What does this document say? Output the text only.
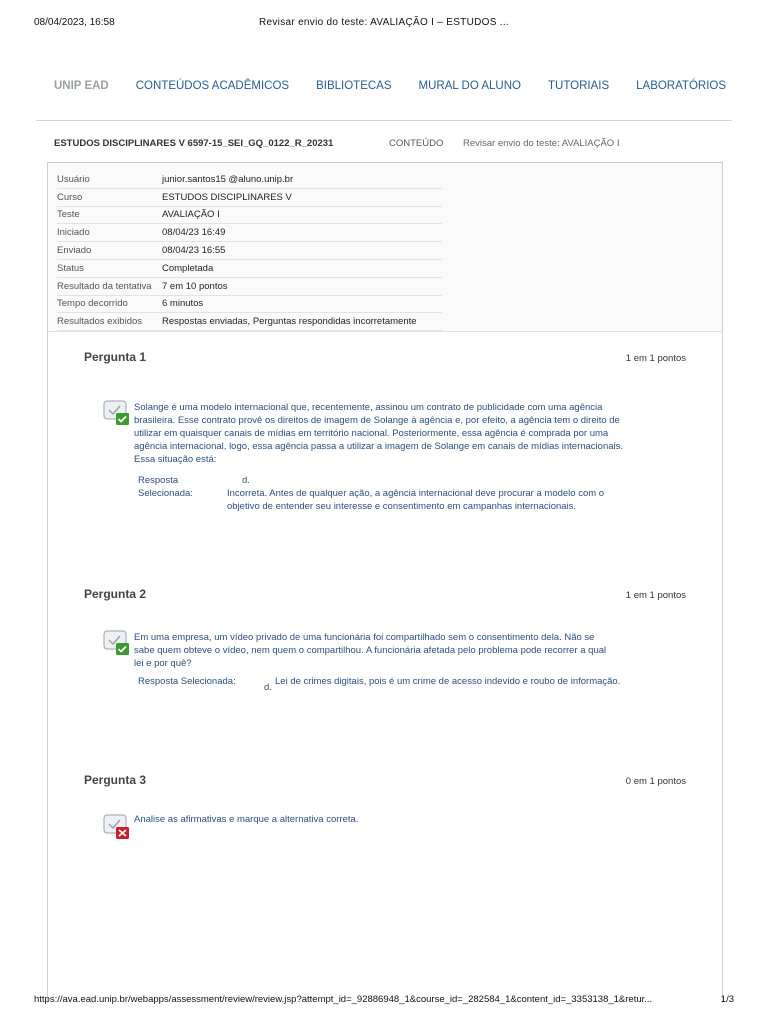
08/04/2023, 16:58	Revisar envio do teste: AVALIAÇÃO I – ESTUDOS ...
UNIP EAD CONTEÚDOS ACADÊMICOS BIBLIOTECAS MURAL DO ALUNO TUTORIAIS LABORATÓRIOS
ESTUDOS DISCIPLINARES V 6597-15_SEI_GQ_0122_R_20231	CONTEÚDO Revisar envio do teste: AVALIAÇÃO I
Usuário	junior.santos15 @aluno.unip.br
Curso	ESTUDOS DISCIPLINARES V
Teste	AVALIAÇÃO I
Iniciado	08/04/23 16:49
Enviado	08/04/23 16:55
Status	Completada
Resultado da tentativa	7 em 10 pontos
Tempo decorrido	6 minutos
Resultados exibidos	Respostas enviadas, Perguntas respondidas incorretamente
Pergunta 1	1 em 1 pontos
Solange é uma modelo internacional que, recentemente, assinou um contrato de publicidade com uma agência
brasileira. Esse contrato provê os direitos de imagem de Solange à agência e, por efeito, a agência tem o direito de
utilizar em quaisquer canais de mídias em território nacional. Posteriormente, essa agência é comprada por uma
agência internacional, logo, essa agência passa a utilizar a imagem de Solange em canais de mídias internacionais.
Essa situação está:
Resposta
Selecionada:
d.
Incorreta. Antes de qualquer ação, a agência internacional deve procurar a modelo com o
objetivo de entender seu interesse e consentimento em campanhas internacionais.
Pergunta 2	1 em 1 pontos
Em uma empresa, um vídeo privado de uma funcionária foi compartilhado sem o consentimento dela. Não se
sabe quem obteve o vídeo, nem quem o compartilhou. A funcionária afetada pelo problema pode recorrer a qual
lei e por quê?
Resposta Selecionada:
d.
Lei de crimes digitais, pois é um crime de acesso indevido e roubo de informação.
Pergunta 3	0 em 1 pontos
Analise as afirmativas e marque a alternativa correta.
https://ava.ead.unip.br/webapps/assessment/review/review.jsp?attempt_id=_92886948_1&course_id=_282584_1&content_id=_3353138_1&retur...	1/3
